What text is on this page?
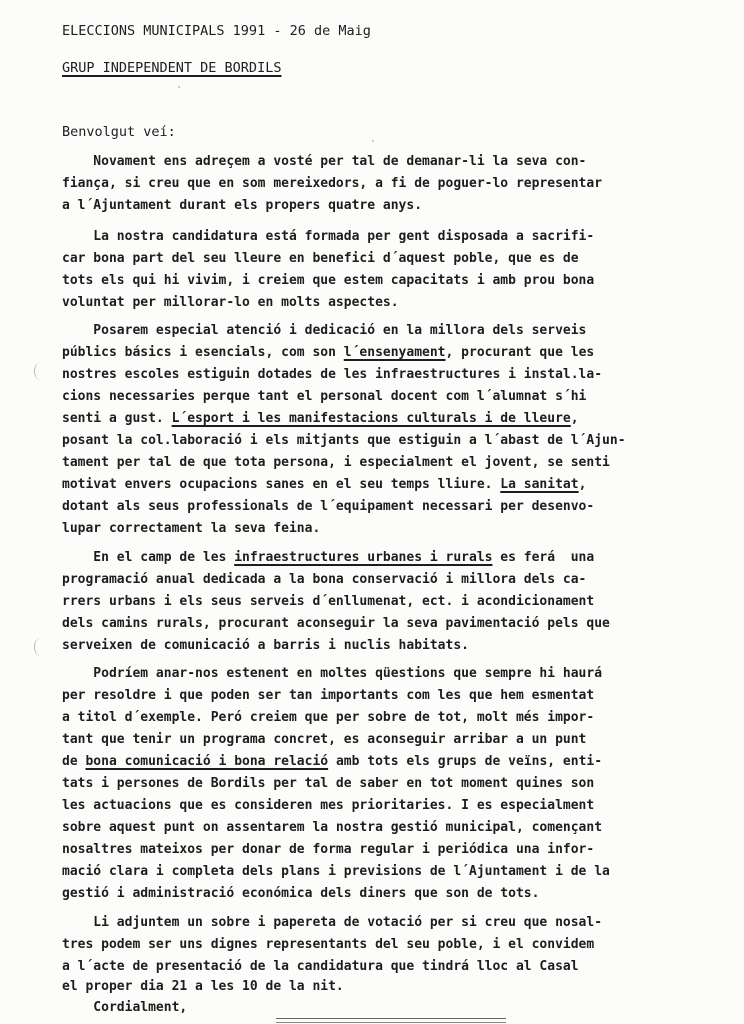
ELECCIONS MUNICIPALS 1991 - 26 de Maig
GRUP INDEPENDENT DE BORDILS
Benvolgut veí:
Novament ens adreçem a vosté per tal de demanar-li la seva con-
fiança, si creu que en som mereixedors, a fi de poguer-lo representar
a l´Ajuntament durant els propers quatre anys.
La nostra candidatura está formada per gent disposada a sacrifi-
car bona part del seu lleure en benefici d´aquest poble, que es de
tots els qui hi vivim, i creiem que estem capacitats i amb prou bona
voluntat per millorar-lo en molts aspectes.
Posarem especial atenció i dedicació en la millora dels serveis
públics básics i esencials, com son l´ensenyament, procurant que les
nostres escoles estiguin dotades de les infraestructures i instal.la-
cions necessaries perque tant el personal docent com l´alumnat s´hi
senti a gust. L´esport i les manifestacions culturals i de lleure,
posant la col.laboració i els mitjants que estiguin a l´abast de l´Ajun-
tament per tal de que tota persona, i especialment el jovent, se senti
motivat envers ocupacions sanes en el seu temps lliure. La sanitat,
dotant als seus professionals de l´equipament necessari per desenvo-
lupar correctament la seva feina.
En el camp de les infraestructures urbanes i rurals es ferá  una
programació anual dedicada a la bona conservació i millora dels ca-
rrers urbans i els seus serveis d´enllumenat, ect. i acondicionament
dels camins rurals, procurant aconseguir la seva pavimentació pels que
serveixen de comunicació a barris i nuclis habitats.
Podríem anar-nos estenent en moltes qüestions que sempre hi haurá
per resoldre i que poden ser tan importants com les que hem esmentat
a titol d´exemple. Peró creiem que per sobre de tot, molt més impor-
tant que tenir un programa concret, es aconseguir arribar a un punt
de bona comunicació i bona relació amb tots els grups de veïns, enti-
tats i persones de Bordils per tal de saber en tot moment quines son
les actuacions que es consideren mes prioritaries. I es especialment
sobre aquest punt on assentarem la nostra gestió municipal, començant
nosaltres mateixos per donar de forma regular i periódica una infor-
mació clara i completa dels plans i previsions de l´Ajuntament i de la
gestió i administració económica dels diners que son de tots.
Li adjuntem un sobre i papereta de votació per si creu que nosal-
tres podem ser uns dignes representants del seu poble, i el convidem
a l´acte de presentació de la candidatura que tindrá lloc al Casal
el proper dia 21 a les 10 de la nit.
Cordialment,
